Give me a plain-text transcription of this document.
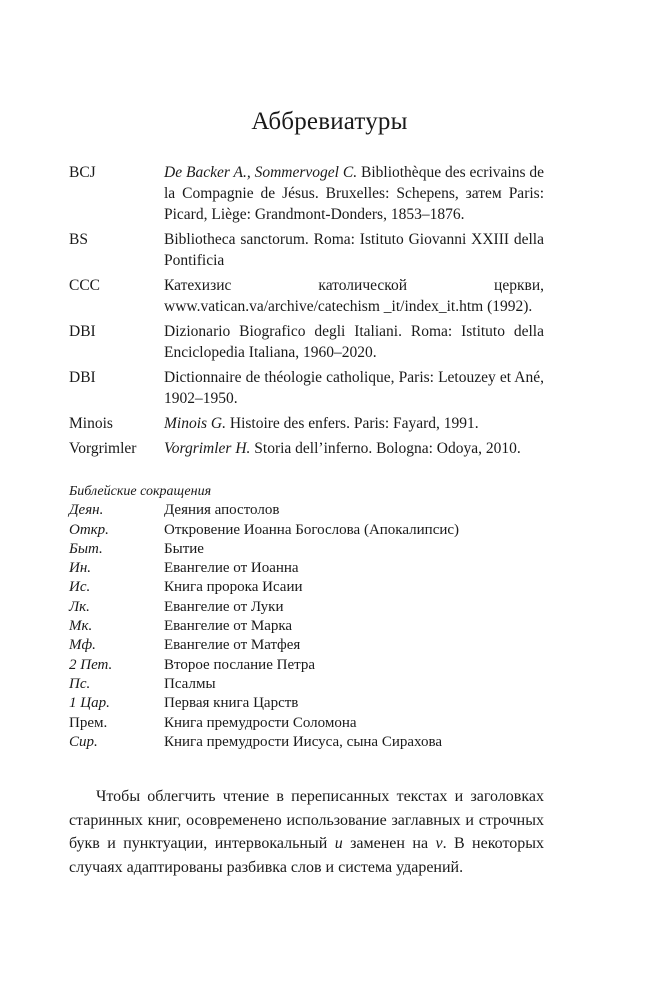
Аббревиатуры
BCJ	De Backer A., Sommervogel C. Bibliothèque des ecrivains de la Compagnie de Jésus. Bruxelles: Schepens, затем Paris: Picard, Liège: Grandmont-Donders, 1853–1876.
BS	Bibliotheca sanctorum. Roma: Istituto Giovanni XXIII della Pontificia
CCC	Катехизис католической церкви, www.vatican.va/archive/catechism _it/index_it.htm (1992).
DBI	Dizionario Biografico degli Italiani. Roma: Istituto della Enciclopedia Italiana, 1960–2020.
DBI	Dictionnaire de théologie catholique, Paris: Letouzey et Ané, 1902–1950.
Minois	Minois G. Histoire des enfers. Paris: Fayard, 1991.
Vorgrimler	Vorgrimler H. Storia dell’inferno. Bologna: Odoya, 2010.
Библейские сокращения
Деян.	Деяния апостолов
Откр.	Откровение Иоанна Богослова (Апокалипсис)
Быт.	Бытие
Ин.	Евангелие от Иоанна
Ис.	Книга пророка Исаии
Лк.	Евангелие от Луки
Мк.	Евангелие от Марка
Мф.	Евангелие от Матфея
2 Пет.	Второе послание Петра
Пс.	Псалмы
1 Цар.	Первая книга Царств
Прем.	Книга премудрости Соломона
Сир.	Книга премудрости Иисуса, сына Сирахова

Чтобы облегчить чтение в переписанных текстах и заголовках старинных книг, осовременено использование заглавных и строчных букв и пунктуации, интервокальный u заменен на v. В некоторых случаях адаптированы разбивка слов и система ударений.
